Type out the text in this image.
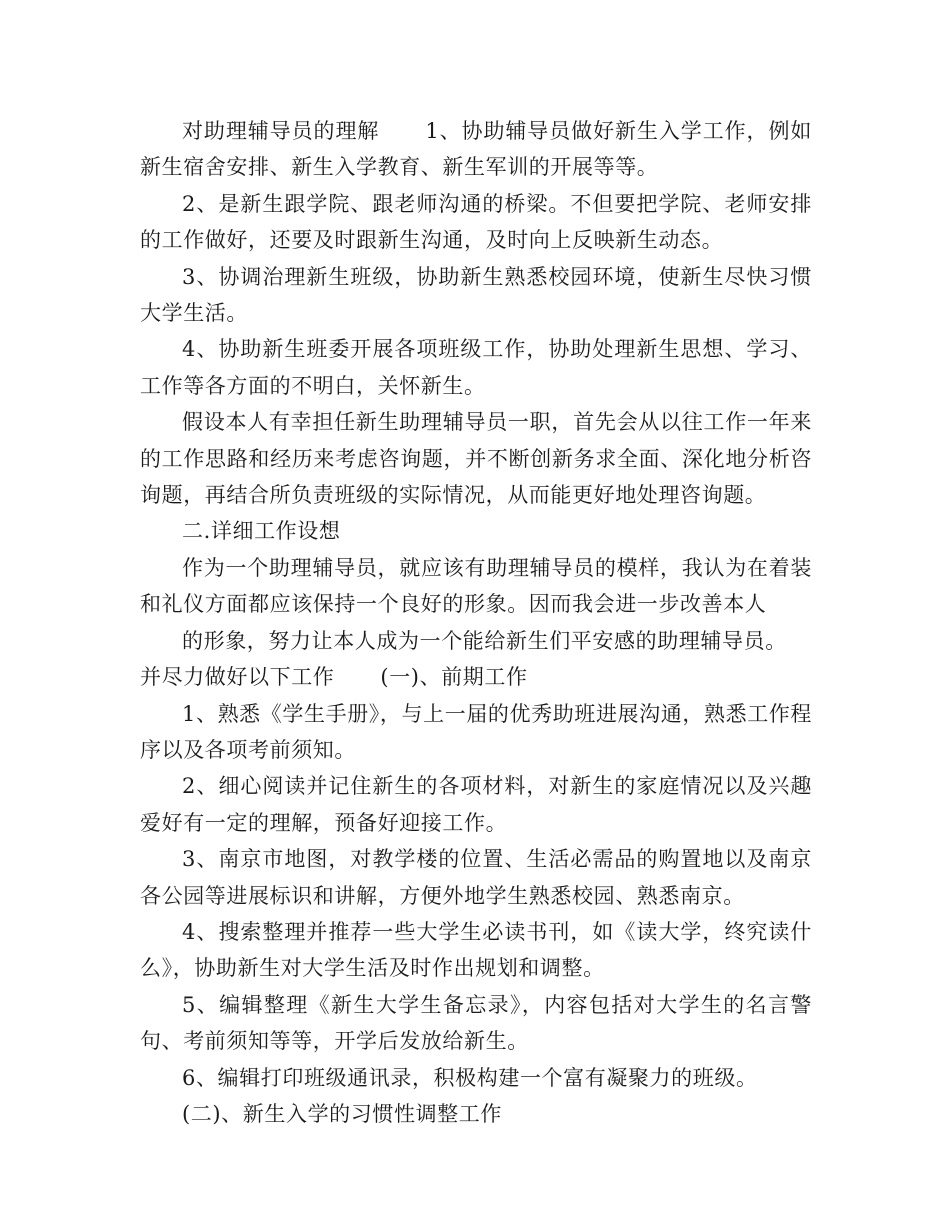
对助理辅导员的理解 1、协助辅导员做好新生入学工作，例如新生宿舍安排、新生入学教育、新生军训的开展等等。

2、是新生跟学院、跟老师沟通的桥梁。不但要把学院、老师安排的工作做好，还要及时跟新生沟通，及时向上反映新生动态。

3、协调治理新生班级，协助新生熟悉校园环境，使新生尽快习惯大学生活。

4、协助新生班委开展各项班级工作，协助处理新生思想、学习、工作等各方面的不明白，关怀新生。

假设本人有幸担任新生助理辅导员一职，首先会从以往工作一年来的工作思路和经历来考虑咨询题，并不断创新务求全面、深化地分析咨询题，再结合所负责班级的实际情况，从而能更好地处理咨询题。

二.详细工作设想

作为一个助理辅导员，就应该有助理辅导员的模样，我认为在着装和礼仪方面都应该保持一个良好的形象。因而我会进一步改善本人

的形象，努力让本人成为一个能给新生们平安感的助理辅导员。

并尽力做好以下工作 (一)、前期工作

1、熟悉《学生手册》，与上一届的优秀助班进展沟通，熟悉工作程序以及各项考前须知。

2、细心阅读并记住新生的各项材料，对新生的家庭情况以及兴趣爱好有一定的理解，预备好迎接工作。

3、南京市地图，对教学楼的位置、生活必需品的购置地以及南京各公园等进展标识和讲解，方便外地学生熟悉校园、熟悉南京。

4、搜索整理并推荐一些大学生必读书刊，如《读大学，终究读什么》，协助新生对大学生活及时作出规划和调整。

5、编辑整理《新生大学生备忘录》，内容包括对大学生的名言警句、考前须知等等，开学后发放给新生。

6、编辑打印班级通讯录，积极构建一个富有凝聚力的班级。

(二)、新生入学的习惯性调整工作
